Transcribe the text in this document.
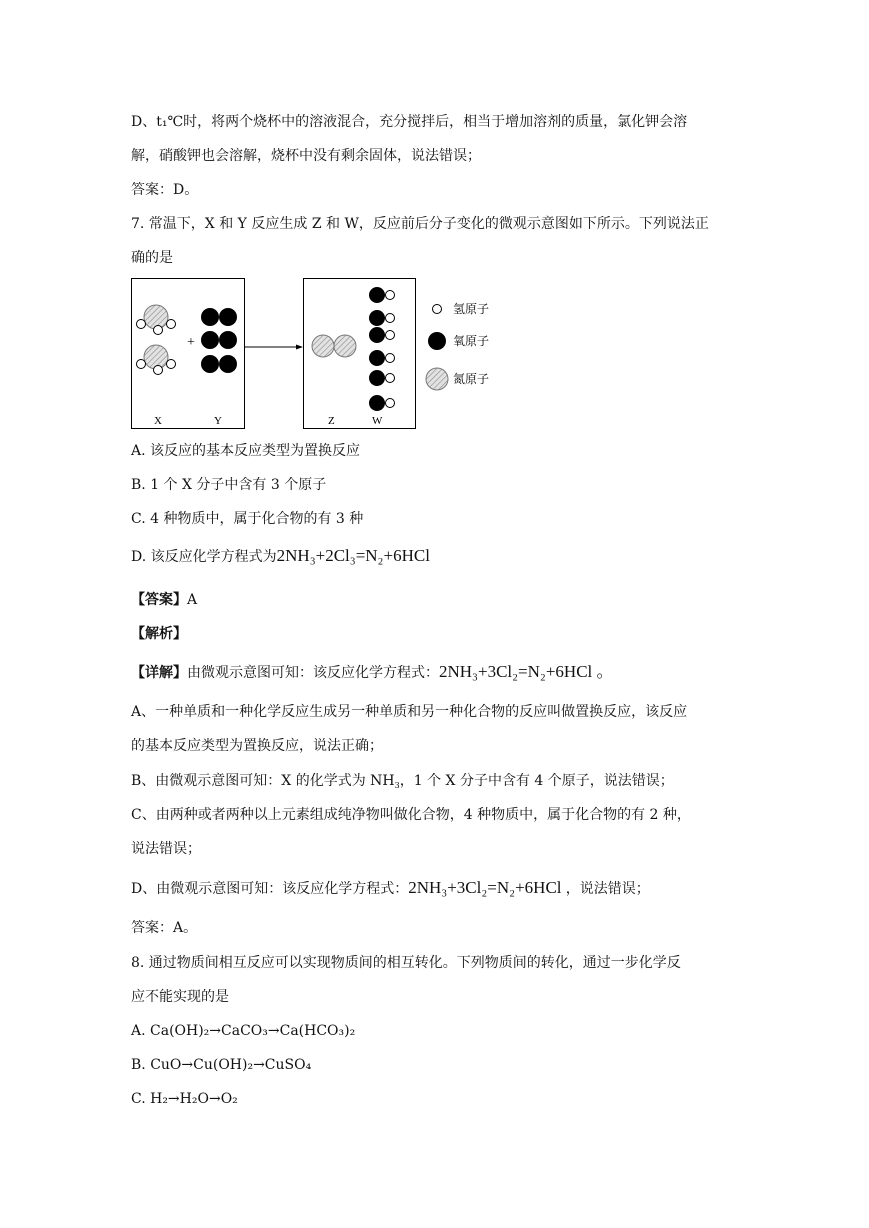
D、t₁℃时，将两个烧杯中的溶液混合，充分搅拌后，相当于增加溶剂的质量，氯化钾会溶
解，硝酸钾也会溶解，烧杯中没有剩余固体，说法错误；
答案：D。
7. 常温下，X 和 Y 反应生成 Z 和 W，反应前后分子变化的微观示意图如下所示。下列说法正
确的是
+
X	Y	Z	W
氢原子
氧原子
氮原子
A. 该反应的基本反应类型为置换反应
B. 1 个 X 分子中含有 3 个原子
C. 4 种物质中，属于化合物的有 3 种
D. 该反应化学方程式为2NH₃+2Cl₃=N₂+6HCl
【答案】A
【解析】
【详解】由微观示意图可知：该反应化学方程式：2NH₃+3Cl₂=N₂+6HCl 。
A、一种单质和一种化学反应生成另一种单质和另一种化合物的反应叫做置换反应，该反应
的基本反应类型为置换反应，说法正确；
B、由微观示意图可知：X 的化学式为 $NH_3$，1 个 X 分子中含有 4 个原子，说法错误；
C、由两种或者两种以上元素组成纯净物叫做化合物，4 种物质中，属于化合物的有 2 种，
说法错误；
D、由微观示意图可知：该反应化学方程式：2NH₃+3Cl₂=N₂+6HCl ，说法错误；
答案：A。
8. 通过物质间相互反应可以实现物质间的相互转化。下列物质间的转化，通过一步化学反
应不能实现的是
A. Ca(OH)₂→CaCO₃→Ca(HCO₃)₂
B. CuO→Cu(OH)₂→CuSO₄
C. H₂→H₂O→O₂
